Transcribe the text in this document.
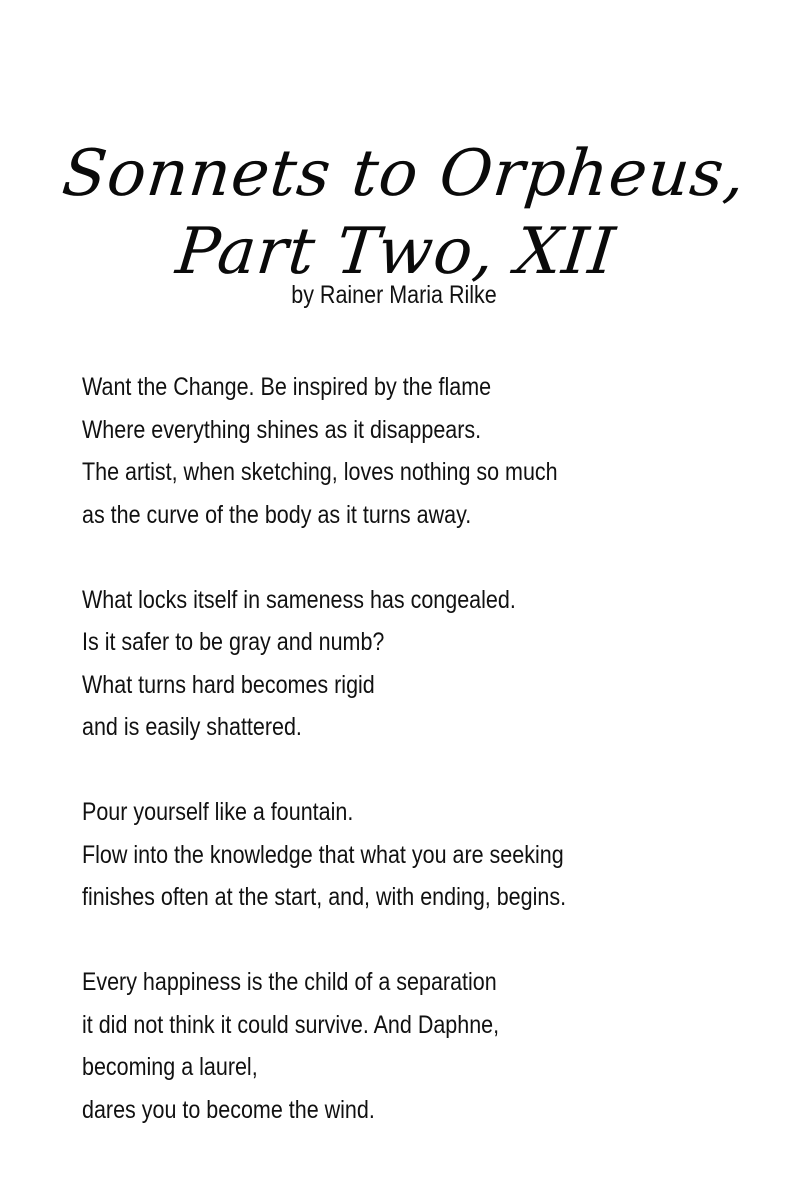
Sonnets to Orpheus,
Part Two, XII
by Rainer Maria Rilke
Want the Change. Be inspired by the flame
Where everything shines as it disappears.
The artist, when sketching, loves nothing so much
as the curve of the body as it turns away.
What locks itself in sameness has congealed.
Is it safer to be gray and numb?
What turns hard becomes rigid
and is easily shattered.
Pour yourself like a fountain.
Flow into the knowledge that what you are seeking
finishes often at the start, and, with ending, begins.
Every happiness is the child of a separation
it did not think it could survive. And Daphne,
becoming a laurel,
dares you to become the wind.
